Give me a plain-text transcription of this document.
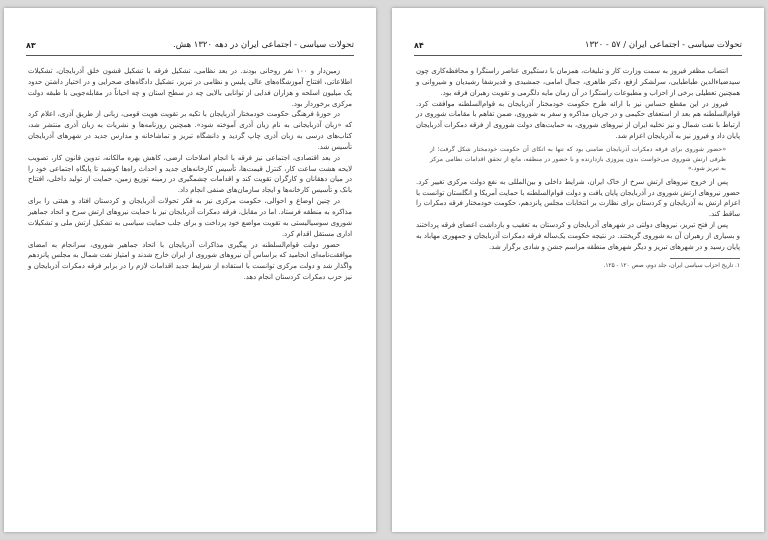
تحولات سیاسی - اجتماعی ایران در دهه ۱۳۲۰ هش.
۸۳

زمین‌دار و ۱۰۰ نفر روحانی بودند. در بعد نظامی، تشکیل فرقه با تشکیل قشون خلق آذربایجان، تشکیلات اطلاعاتی، افتتاح آموزشگاه‌های عالی پلیس و نظامی در تبریز، تشکیل دادگاه‌های صحرایی و در اختیار داشتن حدود یک میلیون اسلحه و هزاران فدایی از توانایی بالایی چه در سطح استان و چه احیاناً در مقابله‌جویی با طبقه دولت مرکزی برخوردار بود.

در حوزهٔ فرهنگی حکومت خودمختار آذربایجان با تکیه بر تقویت هویت قومی، زبانی از طریق آذری، اعلام کرد که «زبان آذربایجانی به نام زبان آذری آموخته شود». همچنین روزنامه‌ها و نشریات به زبان آذری منتشر شد، کتاب‌های درسی به زبان آذری چاپ گردید و دانشگاه تبریز و تماشاخانه و مدارس جدید در شهرهای آذربایجان تأسیس شد.

در بعد اقتصادی، اجتماعی نیز فرقه با انجام اصلاحات ارضی، کاهش بهره مالکانه، تدوین قانون کار، تصویب لایحه هشت ساعت کار، کنترل قیمت‌ها، تأسیس کارخانه‌های جدید و احداث راه‌ها کوشید تا پایگاه اجتماعی خود را در میان دهقانان و کارگران تقویت کند و اقدامات چشمگیری در زمینه توزیع زمین، حمایت از تولید داخلی، افتتاح بانک و تأسیس کارخانه‌ها و ایجاد سازمان‌های صنفی انجام داد.

در چنین اوضاع و احوالی، حکومت مرکزی نیز به فکر تحولات آذربایجان و کردستان افتاد و هیئتی را برای مذاکره به منطقه فرستاد. اما در مقابل، فرقه دمکرات آذربایجان نیز با حمایت نیروهای ارتش سرخ و اتحاد جماهیر شوروی سوسیالیستی به تقویت مواضع خود پرداخت و برای جلب حمایت سیاسی به تشکیل ارتش ملی و تشکیلات اداری مستقل اقدام کرد.

حضور دولت قوام‌السلطنه در پیگیری مذاکرات آذربایجان با اتحاد جماهیر شوروی، سرانجام به امضای موافقت‌نامه‌ای انجامید که براساس آن نیروهای شوروی از ایران خارج شدند و امتیاز نفت شمال به مجلس پانزدهم واگذار شد و دولت مرکزی توانست با استفاده از شرایط جدید اقدامات لازم را در برابر فرقه دمکرات آذربایجان و نیز حزب دمکرات کردستان انجام دهد.

تحولات سیاسی - اجتماعی ایران / ۵۷ - ۱۳۲۰
۸۴

انتصاب مظفر فیروز به سمت وزارت کار و تبلیغات، همزمان با دستگیری عناصر راستگرا و محافظه‌کاری چون سیدضیاءالدین طباطبایی، سرلشکر ارفع، دکتر طاهری، جمال امامی، جمشیدی و قدیرشفا رشیدیان و شیروانی و همچنین تعطیلی برخی از احزاب و مطبوعات راستگرا در آن زمان مایه دلگرمی و تقویت رهبران فرقه بود.

فیروز در این مقطع حساس نیز با ارائه طرح حکومت خودمختار آذربایجان به قوام‌السلطنه موافقت کرد. قوام‌السلطنه هم بعد از استعفای حکیمی و در جریان مذاکره و سفر به شوروی، ضمن تفاهم با مقامات شوروی در ارتباط با نفت شمال و نیز تخلیه ایران از نیروهای شوروی، به حمایت‌های دولت شوروی از فرقه دمکرات آذربایجان پایان داد و فیروز نیز به آذربایجان اعزام شد.

«حضور شوروی برای فرقه دمکرات آذربایجان ضامنی بود که تنها به اتکای آن حکومت خودمختار شکل گرفت؛ از طرفی ارتش شوروی می‌خواست بدون پیروزی بازدارنده و با حضور در منطقه، مانع از تحقق اقدامات نظامی مرکز به تبریز شود.»

پس از خروج نیروهای ارتش سرخ از خاک ایران، شرایط داخلی و بین‌المللی به نفع دولت مرکزی تغییر کرد. حضور نیروهای ارتش شوروی در آذربایجان پایان یافت و دولت قوام‌السلطنه با حمایت آمریکا و انگلستان توانست با اعزام ارتش به آذربایجان و کردستان برای نظارت بر انتخابات مجلس پانزدهم، حکومت خودمختار فرقه دمکرات را ساقط کند.

پس از فتح تبریز، نیروهای دولتی در شهرهای آذربایجان و کردستان به تعقیب و بازداشت اعضای فرقه پرداختند و بسیاری از رهبران آن به شوروی گریختند. در نتیجه حکومت یک‌ساله فرقه دمکرات آذربایجان و جمهوری مهاباد به پایان رسید و در شهرهای تبریز و دیگر شهرهای منطقه مراسم جشن و شادی برگزار شد.

۱. تاریخ احزاب سیاسی ایران، جلد دوم، صص ۱۲۰ - ۱۲۵.
